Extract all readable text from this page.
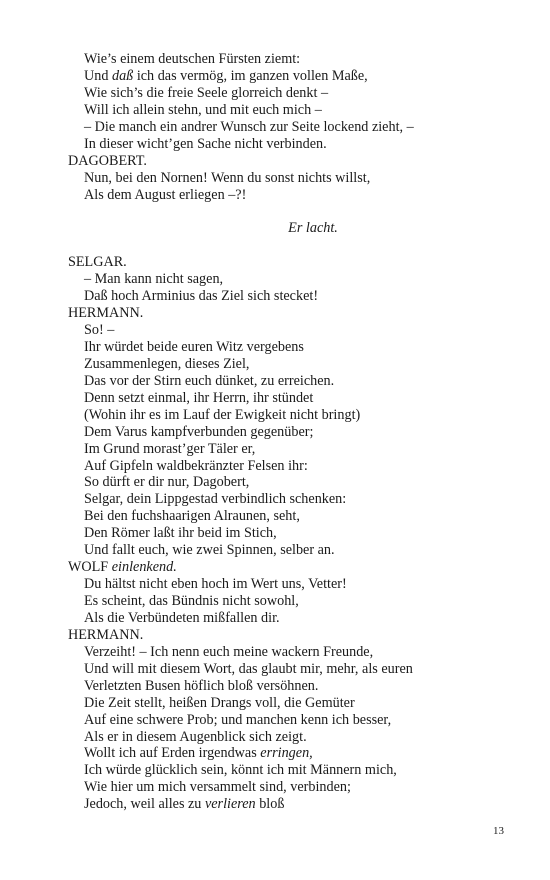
Wie’s einem deutschen Fürsten ziemt:
Und daß ich das vermög, im ganzen vollen Maße,
Wie sich’s die freie Seele glorreich denkt –
Will ich allein stehn, und mit euch mich –
– Die manch ein andrer Wunsch zur Seite lockend zieht, –
In dieser wicht’gen Sache nicht verbinden.
DAGOBERT.
Nun, bei den Nornen! Wenn du sonst nichts willst,
Als dem August erliegen –?!
Er lacht.
SELGAR.
– Man kann nicht sagen,
Daß hoch Arminius das Ziel sich stecket!
HERMANN.
So! –
Ihr würdet beide euren Witz vergebens
Zusammenlegen, dieses Ziel,
Das vor der Stirn euch dünket, zu erreichen.
Denn setzt einmal, ihr Herrn, ihr stündet
(Wohin ihr es im Lauf der Ewigkeit nicht bringt)
Dem Varus kampfverbunden gegenüber;
Im Grund morast’ger Täler er,
Auf Gipfeln waldbekränzter Felsen ihr:
So dürft er dir nur, Dagobert,
Selgar, dein Lippgestad verbindlich schenken:
Bei den fuchshaarigen Alraunen, seht,
Den Römer laßt ihr beid im Stich,
Und fallt euch, wie zwei Spinnen, selber an.
WOLF einlenkend.
Du hältst nicht eben hoch im Wert uns, Vetter!
Es scheint, das Bündnis nicht sowohl,
Als die Verbündeten mißfallen dir.
HERMANN.
Verzeiht! – Ich nenn euch meine wackern Freunde,
Und will mit diesem Wort, das glaubt mir, mehr, als euren
Verletzten Busen höflich bloß versöhnen.
Die Zeit stellt, heißen Drangs voll, die Gemüter
Auf eine schwere Prob; und manchen kenn ich besser,
Als er in diesem Augenblick sich zeigt.
Wollt ich auf Erden irgendwas erringen,
Ich würde glücklich sein, könnt ich mit Männern mich,
Wie hier um mich versammelt sind, verbinden;
Jedoch, weil alles zu verlieren bloß
13
